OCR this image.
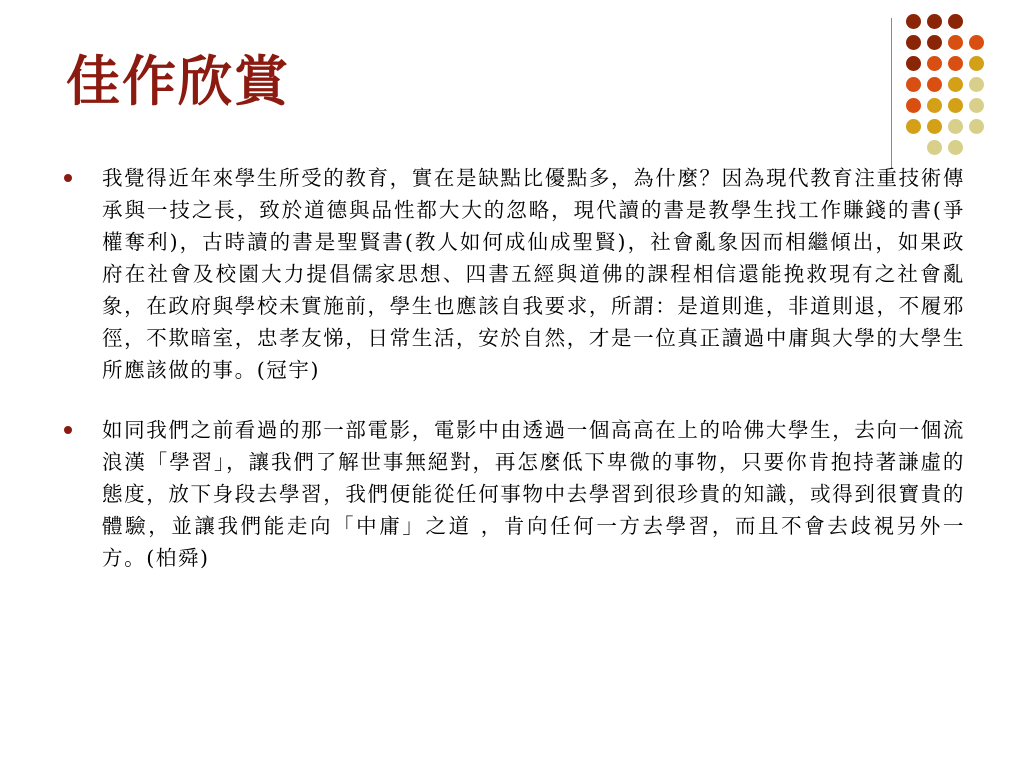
佳作欣賞
我覺得近年來學生所受的教育，實在是缺點比優點多，為什麼？因為現代教育注重技術傳承與一技之長，致於道德與品性都大大的忽略，現代讀的書是教學生找工作賺錢的書(爭權奪利)，古時讀的書是聖賢書(教人如何成仙成聖賢)，社會亂象因而相繼傾出，如果政府在社會及校園大力提倡儒家思想、四書五經與道佛的課程相信還能挽救現有之社會亂象，在政府與學校未實施前，學生也應該自我要求，所謂：是道則進，非道則退，不履邪徑，不欺暗室，忠孝友悌，日常生活，安於自然，才是一位真正讀過中庸與大學的大學生所應該做的事。(冠宇)
如同我們之前看過的那一部電影，電影中由透過一個高高在上的哈佛大學生，去向一個流浪漢「學習」，讓我們了解世事無絕對，再怎麼低下卑微的事物，只要你肯抱持著謙虛的態度，放下身段去學習，我們便能從任何事物中去學習到很珍貴的知識，或得到很寶貴的體驗，並讓我們能走向「中庸」之道 ，肯向任何一方去學習，而且不會去歧視另外一方。(柏舜)
